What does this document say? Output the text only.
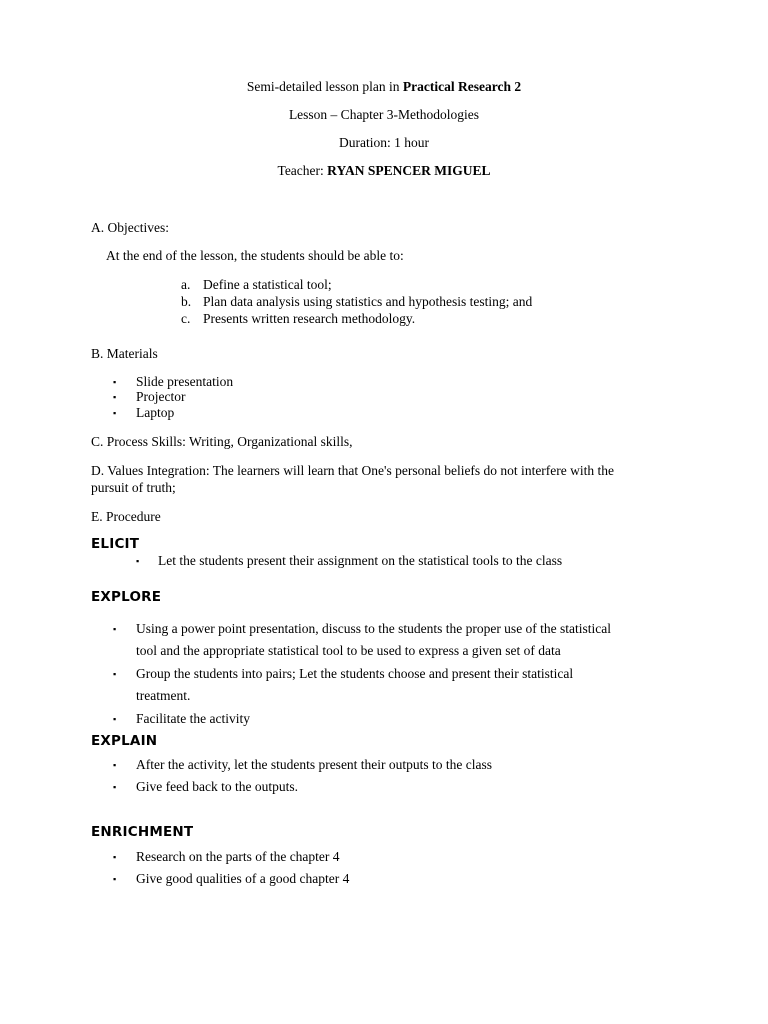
Semi-detailed lesson plan in Practical Research 2
Lesson – Chapter 3-Methodologies
Duration: 1 hour
Teacher: RYAN SPENCER MIGUEL
A. Objectives:
At the end of the lesson, the students should be able to:
a. Define a statistical tool;
b. Plan data analysis using statistics and hypothesis testing; and
c. Presents written research methodology.
B. Materials
▪
Slide presentation
▪
Projector
▪
Laptop
C. Process Skills: Writing, Organizational skills,
D. Values Integration: The learners will learn that One's personal beliefs do not interfere with the
pursuit of truth;
E. Procedure
ELICIT
▪
Let the students present their assignment on the statistical tools to the class
EXPLORE
▪
Using a power point presentation, discuss to the students the proper use of the statistical
tool and the appropriate statistical tool to be used to express a given set of data
▪
Group the students into pairs; Let the students choose and present their statistical
treatment.
▪
Facilitate the activity
EXPLAIN
▪
After the activity, let the students present their outputs to the class
▪
Give feed back to the outputs.
ENRICHMENT
▪
Research on the parts of the chapter 4
▪
Give good qualities of a good chapter 4
